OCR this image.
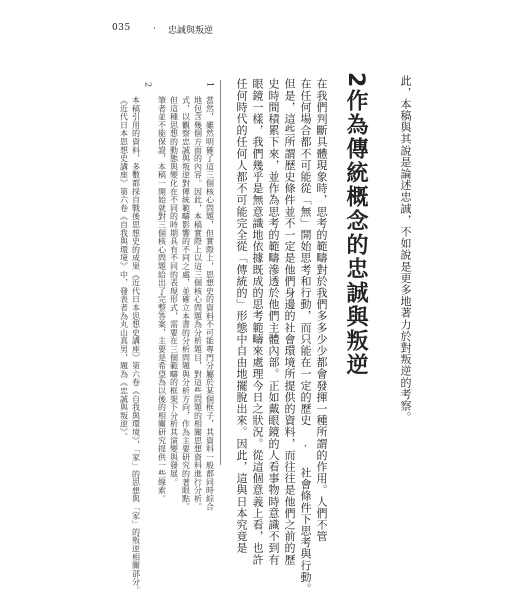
035 · 忠誠與叛逆
此，本稿與其說是論述忠誠，不如說是更多地著力於對叛逆的考察。
2作為傳統概念的忠誠與叛逆
在我們判斷具體現象時，思考的範疇對於我們多多少少都會發揮一種所謂的作用。人們不管
在任何場合都不可能從「無」開始思考和行動，而只能在一定的歷史 · 社會條件下思考與行動。
但是，這些所謂歷史條件並不一定是他們身邊的社會環境所提供的資料，而往往是他們之前的歷
史時間積累下來，並作為思考的範疇滲透於他們主體內部。正如戴眼鏡的人看事物時意識不到有
眼鏡一樣，我們幾乎是無意識地依據既成的思考範疇來處理今日之狀況。從這個意義上看，也許
任何時代的任何人都不可能完全從「傳統的」形態中自由地擺脫出來。因此，這與日本究竟是
1
當然，雖然明確了這三個核心問題，但實際上，思想史的資料不可能專門分屬於某個框子，其資料一般都同時綜合
地包含幾個方面的內容。因此，本稿實際上以這三個核心問題為分析題目，對這些問題的相關思想資料進行分析。
式，以觀察忠誠與叛逆對傳統範疇影響的不同之處，並確立本書的分析問題與分析方向，作為主要研究的著眼點。
但這種思想的動態與變化在不同的時期具有不同的表現形式，需要在三個範疇的框架下分析其演變與發展。
筆者並不能保證，本稿一開始就對三個核心問題給出了完整答案，主要是希望為以後的相關研究提供一些線索。
2
本稿引用的資料，多數都採自戰後思想史的成果《近代日本思想史講座》第六卷《自我與環境》，「家」的思想與「家」的叛逆相關部分。
《近代日本思想史講座》第六卷《自我與環境》中，發表者為丸山真男，題為《忠誠與叛逆》。
